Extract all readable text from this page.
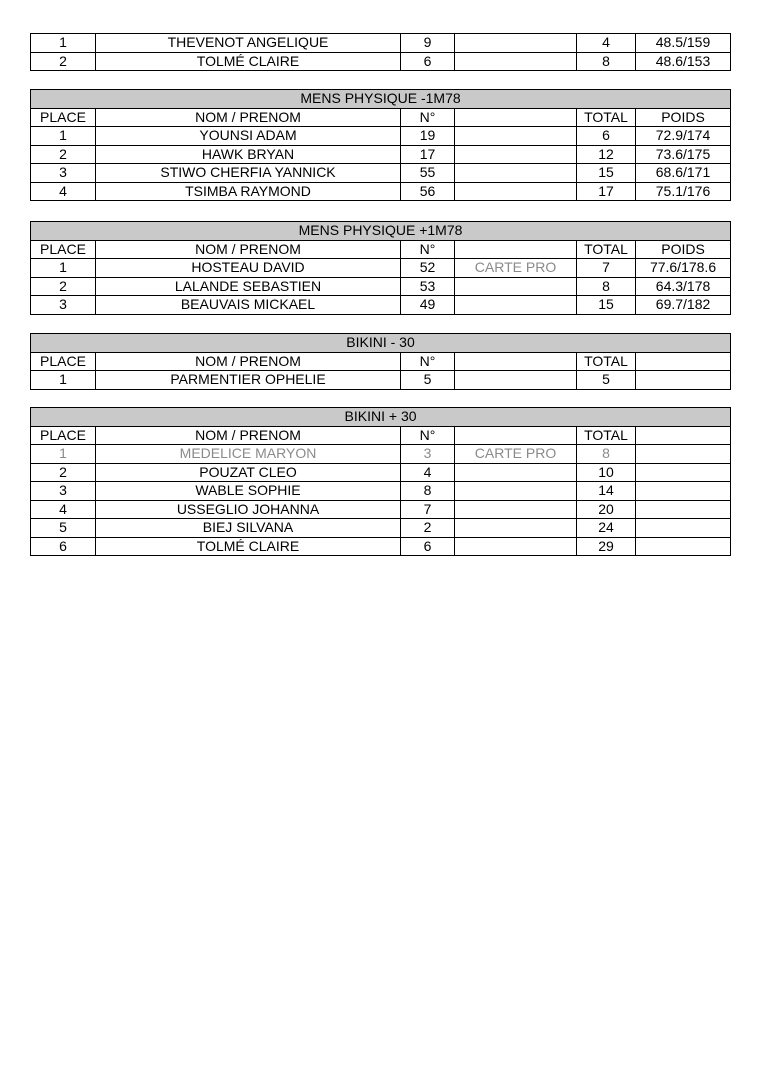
1	THEVENOT ANGELIQUE	9		4	48.5/159
2	TOLMÉ CLAIRE	6		8	48.6/153
MENS PHYSIQUE -1M78					
PLACE	NOM / PRENOM	N°		TOTAL	POIDS
1	YOUNSI ADAM	19		6	72.9/174
2	HAWK BRYAN	17		12	73.6/175
3	STIWO CHERFIA YANNICK	55		15	68.6/171
4	TSIMBA RAYMOND	56		17	75.1/176
MENS PHYSIQUE +1M78					
PLACE	NOM / PRENOM	N°		TOTAL	POIDS
1	HOSTEAU DAVID	52	CARTE PRO	7	77.6/178.6
2	LALANDE SEBASTIEN	53		8	64.3/178
3	BEAUVAIS MICKAEL	49		15	69.7/182
BIKINI - 30					
PLACE	NOM / PRENOM	N°		TOTAL	
1	PARMENTIER OPHELIE	5		5	
BIKINI + 30					
PLACE	NOM / PRENOM	N°		TOTAL	
1	MEDELICE MARYON	3	CARTE PRO	8	
2	POUZAT CLEO	4		10	
3	WABLE SOPHIE	8		14	
4	USSEGLIO JOHANNA	7		20	
5	BIEJ SILVANA	2		24	
6	TOLMÉ CLAIRE	6		29	
